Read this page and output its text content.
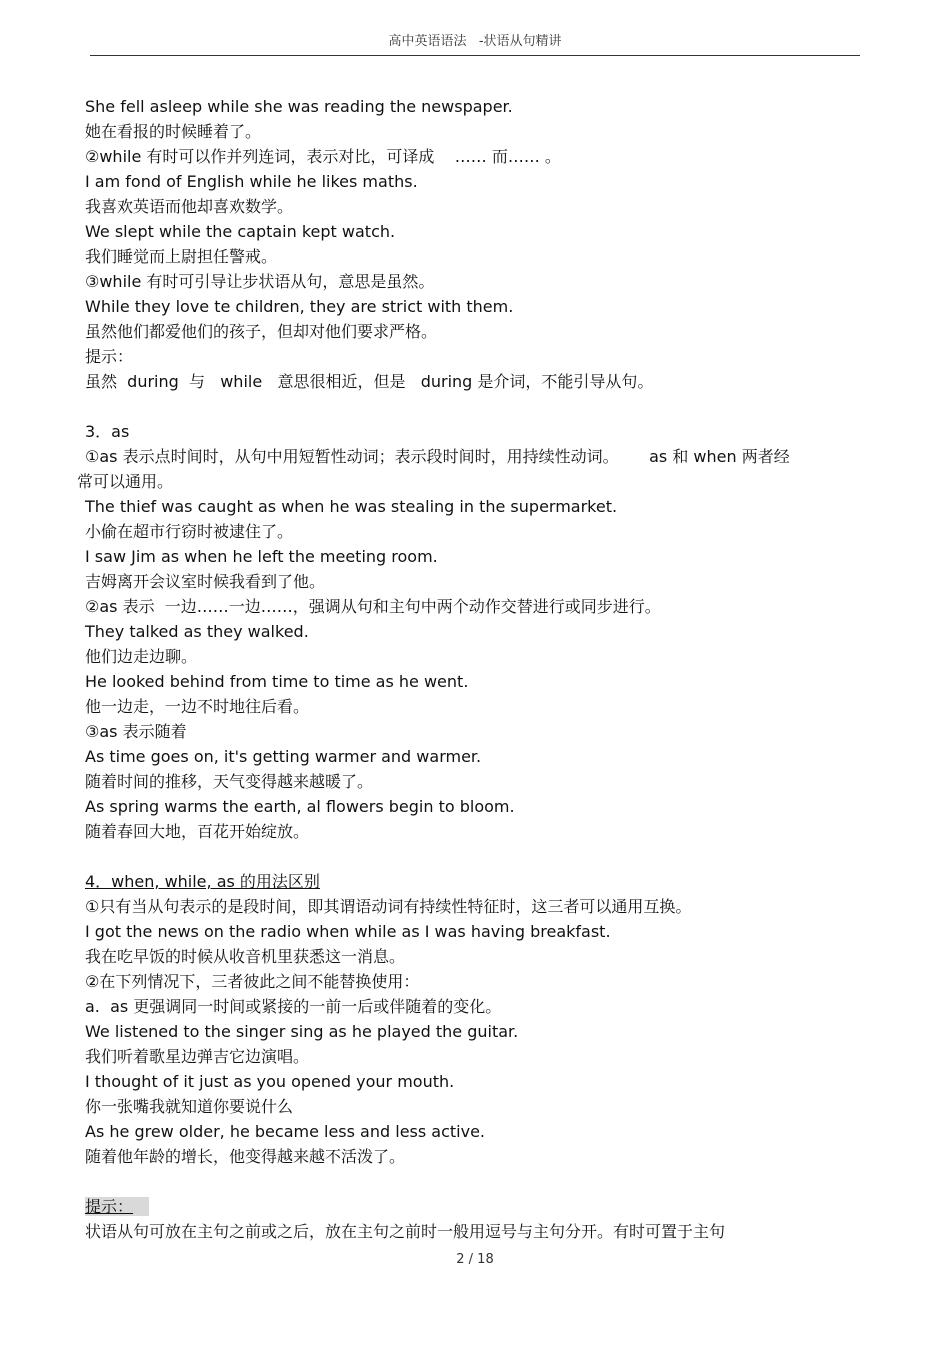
高中英语语法   -状语从句精讲
She fell asleep while she was reading the newspaper.
她在看报的时候睡着了。
②while 有时可以作并列连词，表示对比，可译成    …… 而…… 。
I am fond of English while he likes maths.
我喜欢英语而他却喜欢数学。
We slept while the captain kept watch.
我们睡觉而上尉担任警戒。
③while 有时可引导让步状语从句，意思是虽然。
While they love te children, they are strict with them.
虽然他们都爱他们的孩子，但却对他们要求严格。
提示：
虽然  during  与   while   意思很相近，但是   during 是介词，不能引导从句。
3．as
①as 表示点时间时，从句中用短暂性动词；表示段时间时，用持续性动词。      as 和 when 两者经
常可以通用。
The thief was caught as when he was stealing in the supermarket.
小偷在超市行窃时被逮住了。
I saw Jim as when he left the meeting room.
吉姆离开会议室时候我看到了他。
②as 表示  一边……一边……，强调从句和主句中两个动作交替进行或同步进行。
They talked as they walked.
他们边走边聊。
He looked behind from time to time as he went.
他一边走，一边不时地往后看。
③as 表示随着
As time goes on, it's getting warmer and warmer.
随着时间的推移，天气变得越来越暖了。
As spring warms the earth, al flowers begin to bloom.
随着春回大地，百花开始绽放。
4．when, while, as 的用法区别
①只有当从句表示的是段时间，即其谓语动词有持续性特征时，这三者可以通用互换。
I got the news on the radio when while as I was having breakfast.
我在吃早饭的时候从收音机里获悉这一消息。
②在下列情况下，三者彼此之间不能替换使用：
a.  as 更强调同一时间或紧接的一前一后或伴随着的变化。
We listened to the singer sing as he played the guitar.
我们听着歌星边弹吉它边演唱。
I thought of it just as you opened your mouth.
你一张嘴我就知道你要说什么
As he grew older, he became less and less active.
随着他年龄的增长，他变得越来越不活泼了。
提示：
状语从句可放在主句之前或之后，放在主句之前时一般用逗号与主句分开。有时可置于主句
2 / 18
